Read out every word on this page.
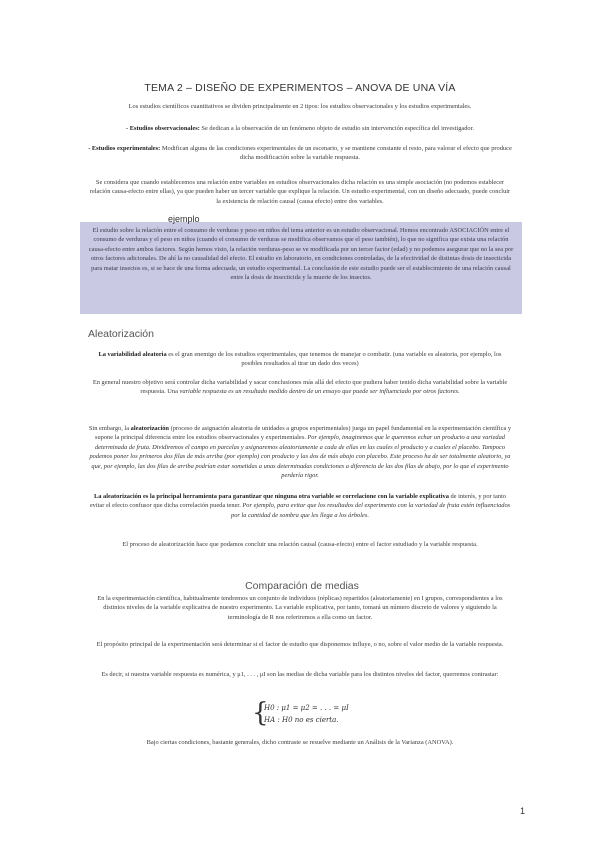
TEMA 2 – DISEÑO DE EXPERIMENTOS – ANOVA DE UNA VÍA
Los estudios científicos cuantitativos se dividen principalmente en 2 tipos: los estudios observacionales y los estudios experimentales.
- Estudios observacionales: Se dedican a la observación de un fenómeno objeto de estudio sin intervención específica del investigador.
- Estudios experimentales: Modifican alguna de las condiciones experimentales de un escenario, y se mantiene constante el resto, para valorar el efecto que produce dicha modificación sobre la variable respuesta.
Se considera que cuando establecemos una relación entre variables en estudios observacionales dicha relación es una simple asociación (no podemos establecer relación causa-efecto entre ellas), ya que pueden haber un tercer variable que explique la relación. Un estudio experimental, con un diseño adecuado, puede concluir la existencia de relación causal (causa efecto) entre dos variables.
El estudio sobre la relación entre el consumo de verduras y peso en niños del tema anterior es un estudio observacional. Hemos encontrado ASOCIACIÓN entre el consumo de verduras y el peso en niños (cuando el consumo de verduras se modifica observamos que el peso también), lo que no significa que exista una relación causa-efecto entre ambos factores. Según hemos visto, la relación verduras-peso se ve modificada por un tercer factor (edad) y no podemos asegurar que no la sea por otros factores adicionales. De ahí la no causalidad del efecto. El estudio en laboratorio, en condiciones controladas, de la efectividad de distintas dosis de insecticida para matar insectos es, si se hace de una forma adecuada, un estudio experimental. La conclusión de este estudio puede ser el establecimiento de una relación causal entre la dosis de insecticida y la muerte de los insectos.
ejemplo
Aleatorización
La variabilidad aleatoria es el gran enemigo de los estudios experimentales, que tenemos de manejar o combatir. (una variable es aleatoria, por ejemplo, los posibles resultados al tirar un dado dos veces)
En general nuestro objetivo será controlar dicha variabilidad y sacar conclusiones más allá del efecto que pudiera haber tenido dicha variabilidad sobre la variable respuesta. Una variable respuesta es un resultado medido dentro de un ensayo que puede ser influenciado por otros factores.
Sin embargo, la aleatorización (proceso de asignación aleatoria de unidades a grupos experimentales) juega un papel fundamental en la experimentación científica y supone la principal diferencia entre los estudios observacionales y experimentales. Por ejemplo, imaginemos que le queremos echar un producto a una variedad determinada de fruta. Dividiremos el campo en parcelas y asignaremos aleatoriamente a cada de ellas en las cuales el producto y a cuales el placebo. Tampoco podemos poner los primeros dos filas de más arriba (por ejemplo) con producto y las dos de más abajo con placebo. Este proceso ha de ser totalmente aleatorio, ya que, por ejemplo, las dos filas de arriba podrían estar sometidas a unas determinadas condiciones a diferencia de las dos filas de abajo, por lo que el experimento perdería rigor.
La aleatorización es la principal herramienta para garantizar que ninguna otra variable se correlacione con la variable explicativa de interés, y por tanto evitar el efecto confusor que dicha correlación pueda tener. Por ejemplo, para evitar que los resultados del experimento con la variedad de fruta estén influenciados por la cantidad de sombra que les llega a los árboles.
El proceso de aleatorización hace que podamos concluir una relación causal (causa-efecto) entre el factor estudiado y la variable respuesta.
Comparación de medias
En la experimentación científica, habitualmente tendremos un conjunto de individuos (réplicas) repartidos (aleatoriamente) en I grupos, correspondientes a los distintos niveles de la variable explicativa de nuestro experimento. La variable explicativa, por tanto, tomará un número discreto de valores y siguiendo la terminología de R nos referiremos a ella como un factor.
El propósito principal de la experimentación será determinar si el factor de estudio que disponemos influye, o no, sobre el valor medio de la variable respuesta.
Es decir, si nuestra variable respuesta es numérica, y μ1, . . . , μI son las medias de dicha variable para los distintos niveles del factor, querremos contrastar:
{
H0 : μ1 = μ2 = . . . = μI
HA : H0 no es cierta.
Bajo ciertas condiciones, bastante generales, dicho contraste se resuelve mediante un Análisis de la Varianza (ANOVA).
1
